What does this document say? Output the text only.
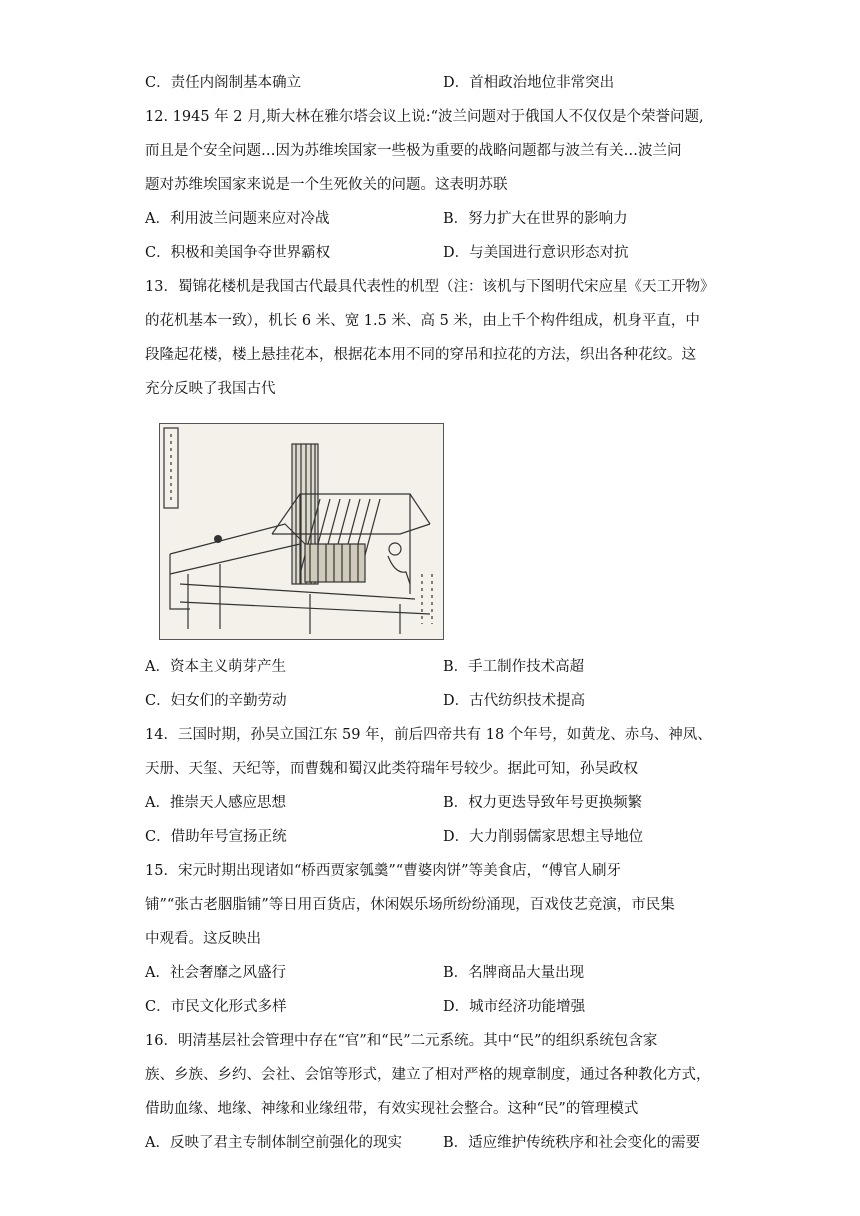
C．责任内阁制基本确立	D．首相政治地位非常突出
12. 1945 年 2 月,斯大林在雅尔塔会议上说:“波兰问题对于俄国人不仅仅是个荣誉问题,
而且是个安全问题…因为苏维埃国家一些极为重要的战略问题都与波兰有关…波兰问
题对苏维埃国家来说是一个生死攸关的问题。这表明苏联
A．利用波兰问题来应对冷战	B．努力扩大在世界的影响力
C．积极和美国争夺世界霸权	D．与美国进行意识形态对抗
13．蜀锦花楼机是我国古代最具代表性的机型（注：该机与下图明代宋应星《天工开物》
的花机基本一致），机长 6 米、宽 1.5 米、高 5 米，由上千个构件组成，机身平直，中
段隆起花楼，楼上悬挂花本，根据花本用不同的穿吊和拉花的方法，织出各种花纹。这
充分反映了我国古代
A．资本主义萌芽产生	B．手工制作技术高超
C．妇女们的辛勤劳动	D．古代纺织技术提高
14．三国时期，孙吴立国江东 59 年，前后四帝共有 18 个年号，如黄龙、赤乌、神凤、
天册、天玺、天纪等，而曹魏和蜀汉此类符瑞年号较少。据此可知，孙吴政权
A．推崇天人感应思想	B．权力更迭导致年号更换频繁
C．借助年号宣扬正统	D．大力削弱儒家思想主导地位
15．宋元时期出现诸如“桥西贾家瓠羹”“曹婆肉饼”等美食店，“傅官人刷牙
铺”“张古老胭脂铺”等日用百货店，休闲娱乐场所纷纷涌现，百戏伎艺竞演，市民集
中观看。这反映出
A．社会奢靡之风盛行	B．名牌商品大量出现
C．市民文化形式多样	D．城市经济功能增强
16．明清基层社会管理中存在“官”和“民”二元系统。其中“民”的组织系统包含家
族、乡族、乡约、会社、会馆等形式，建立了相对严格的规章制度，通过各种教化方式，
借助血缘、地缘、神缘和业缘纽带，有效实现社会整合。这种“民”的管理模式
A．反映了君主专制体制空前强化的现实	B．适应维护传统秩序和社会变化的需要
